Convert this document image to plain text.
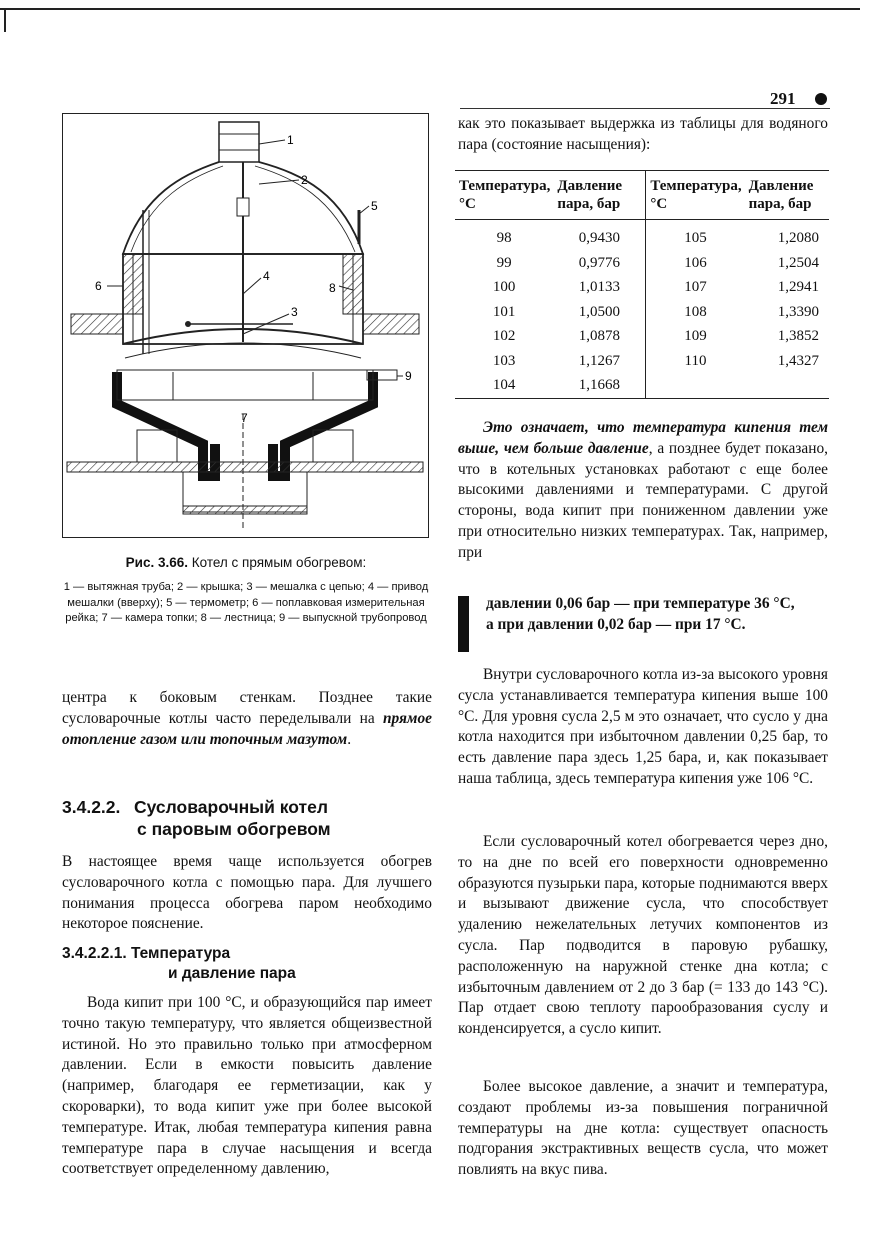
291
1
2
3
4
5
6
7
8
9

Рис. 3.66. Котел с прямым обогревом:

1 — вытяжная труба; 2 — крышка; 3 — мешалка с цепью; 4 — привод мешалки (вверху); 5 — термометр; 6 — поплавковая измерительная рейка; 7 — камера топки; 8 — лестница; 9 — выпускной трубопровод

центра к боковым стенкам. Позднее такие сусловарочные котлы часто переделывали на прямое отопление газом или топочным мазутом.

3.4.2.2. Сусловарочный котел
с паровым обогревом

В настоящее время чаще используется обогрев сусловарочного котла с помощью пара. Для лучшего понимания процесса обогрева паром необходимо некоторое пояснение.

3.4.2.2.1. Температура
и давление пара

Вода кипит при 100 °С, и образующийся пар имеет точно такую температуру, что является общеизвестной истиной. Но это правильно только при атмосферном давлении. Если в емкости повысить давление (например, благодаря ее герметизации, как у скороварки), то вода кипит уже при более высокой температуре. Итак, любая температура кипения равна температуре пара в случае насыщения и всегда соответствует определенному давлению,

как это показывает выдержка из таблицы для водяного пара (состояние насыщения):

Температура, °С	Давление пара, бар	Температура, °С	Давление пара, бар
98	0,9430	105	1,2080
99	0,9776	106	1,2504
100	1,0133	107	1,2941
101	1,0500	108	1,3390
102	1,0878	109	1,3852
103	1,1267	110	1,4327
104	1,1668		

Это означает, что температура кипения тем выше, чем больше давление, а позднее будет показано, что в котельных установках работают с еще более высокими давлениями и температурами. С другой стороны, вода кипит при пониженном давлении уже при относительно низких температурах. Так, например, при

давлении 0,06 бар — при температуре 36 °С, а при давлении 0,02 бар — при 17 °С.

Внутри сусловарочного котла из-за высокого уровня сусла устанавливается температура кипения выше 100 °С. Для уровня сусла 2,5 м это означает, что сусло у дна котла находится при избыточном давлении 0,25 бар, то есть давление пара здесь 1,25 бара, и, как показывает наша таблица, здесь температура кипения уже 106 °С.

Если сусловарочный котел обогревается через дно, то на дне по всей его поверхности одновременно образуются пузырьки пара, которые поднимаются вверх и вызывают движение сусла, что способствует удалению нежелательных летучих компонентов из сусла. Пар подводится в паровую рубашку, расположенную на наружной стенке дна котла; с избыточным давлением от 2 до 3 бар (= 133 до 143 °С). Пар отдает свою теплоту парообразования суслу и конденсируется, а сусло кипит.

Более высокое давление, а значит и температура, создают проблемы из-за повышения пограничной температуры на дне котла: существует опасность подгорания экстрактивных веществ сусла, что может повлиять на вкус пива.
